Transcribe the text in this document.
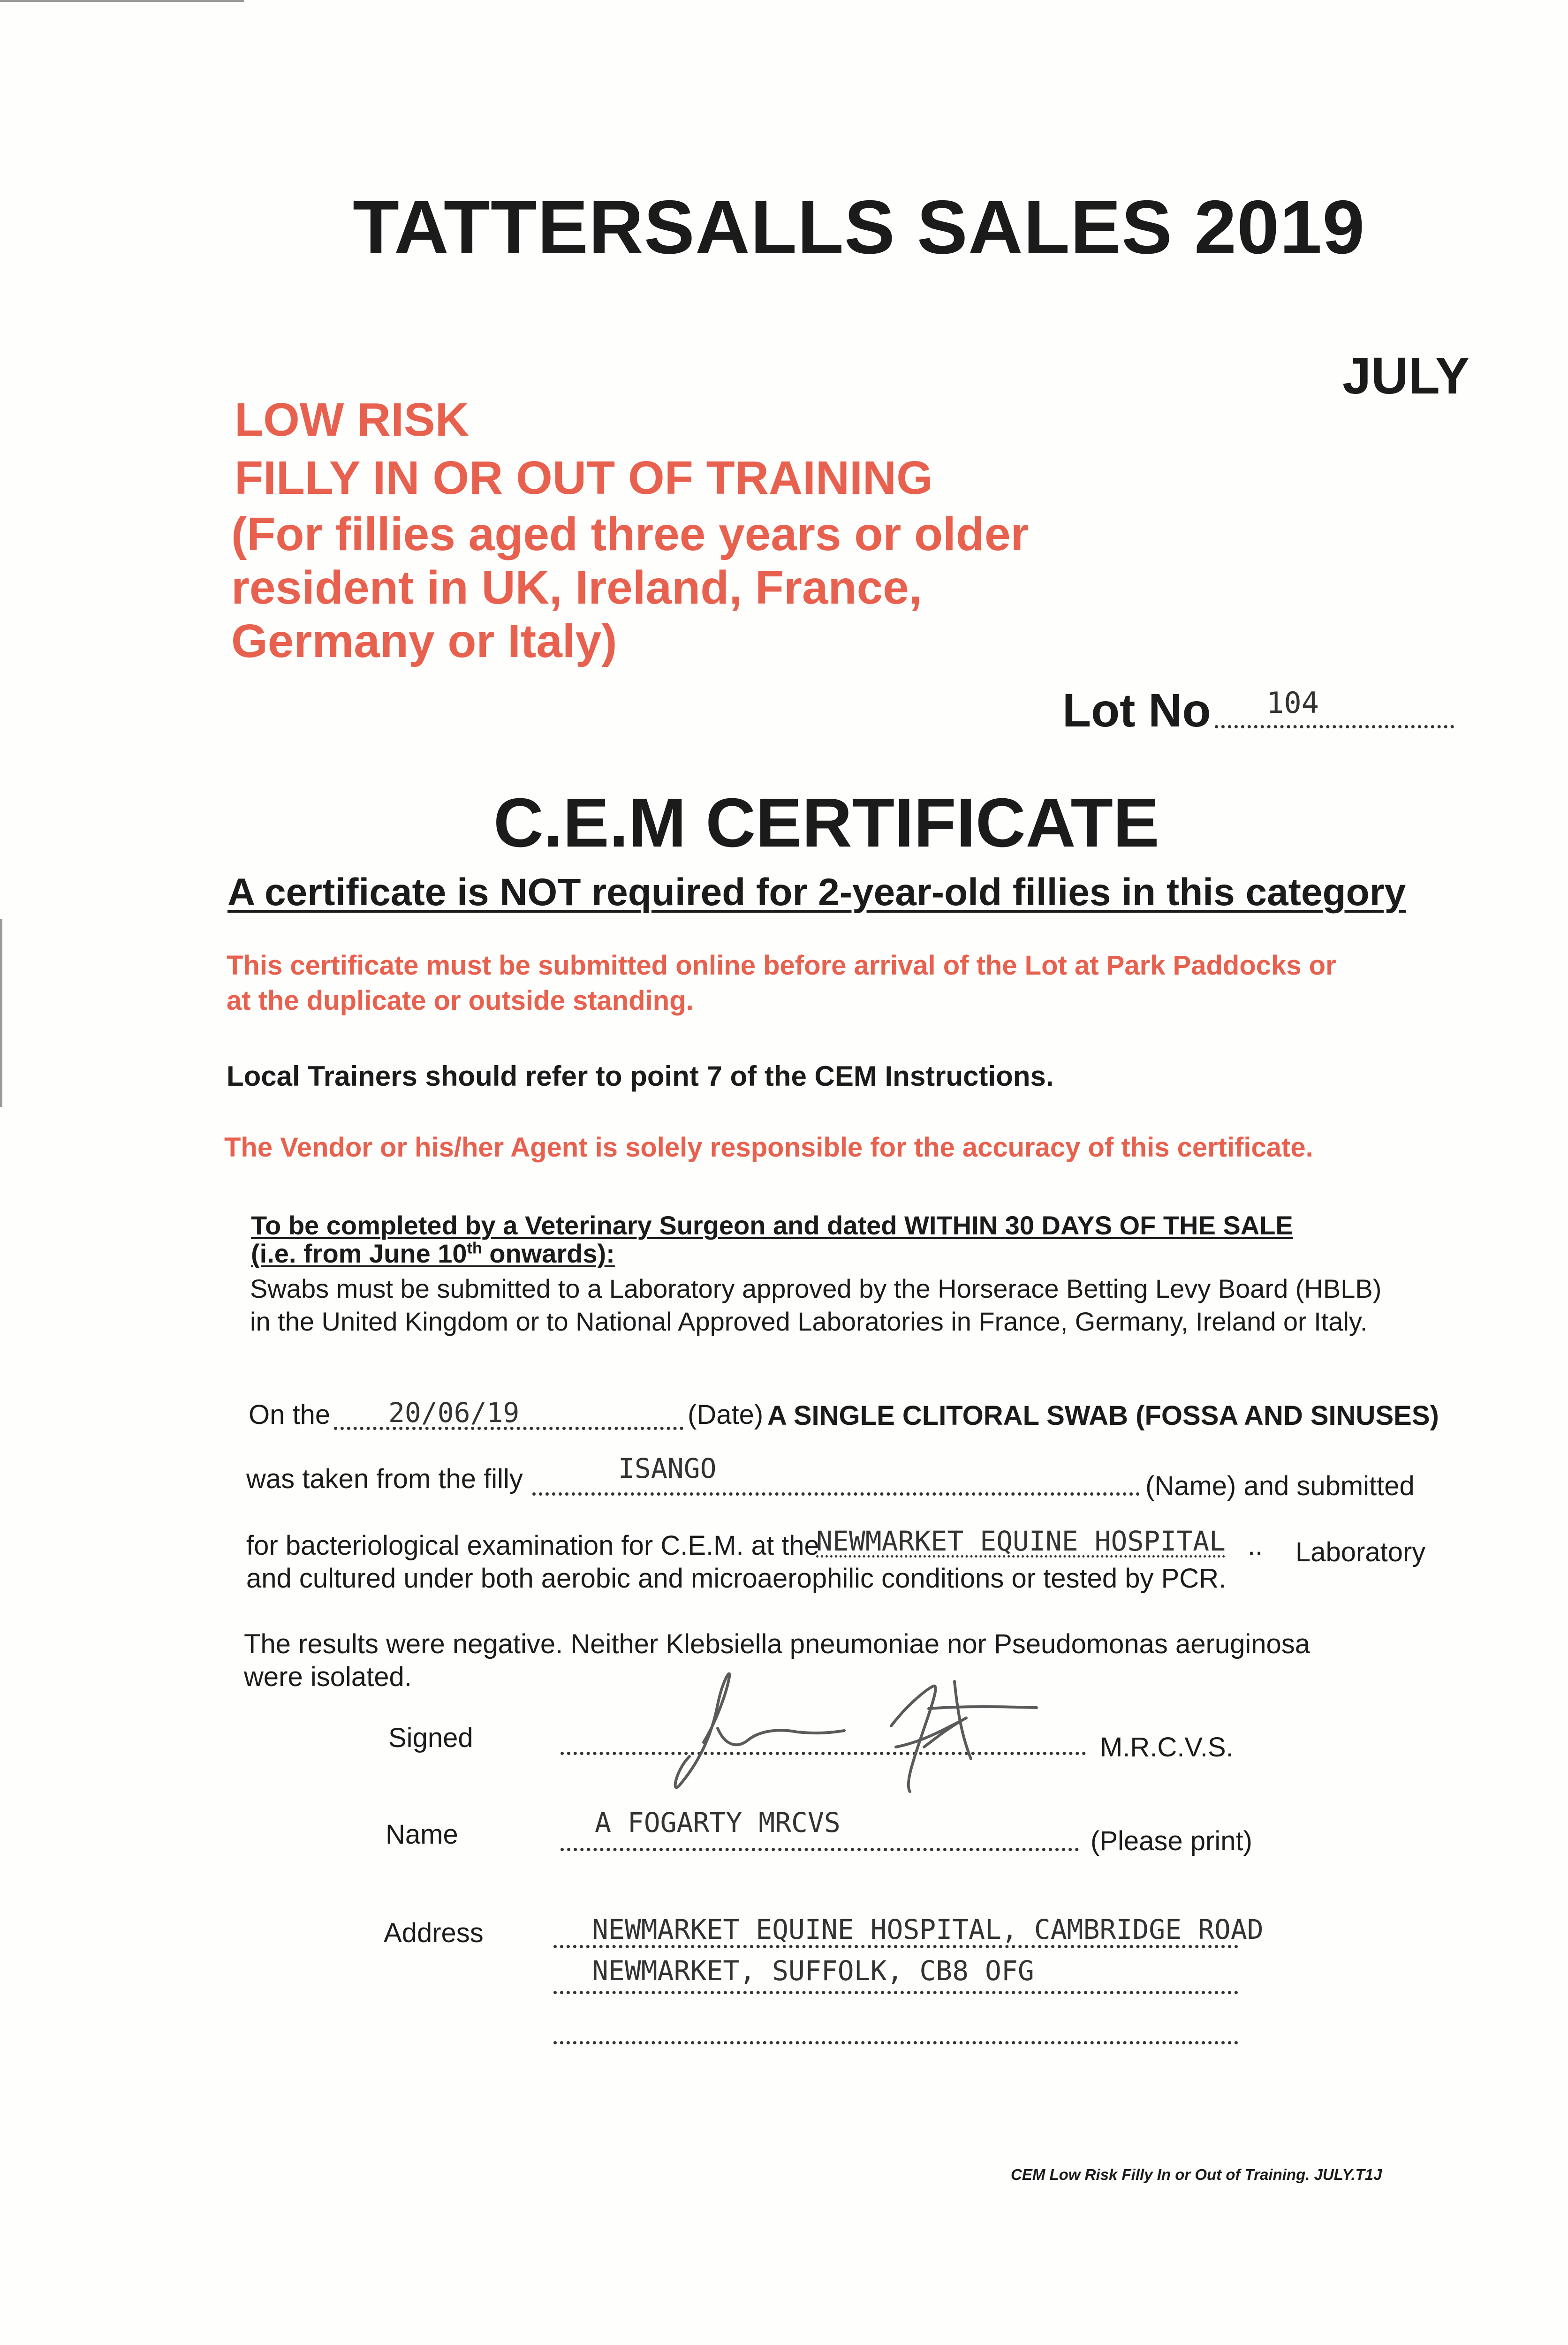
TATTERSALLS SALES 2019
JULY
LOW RISK
FILLY IN OR OUT OF TRAINING
(For fillies aged three years or older
resident in UK, Ireland, France,
Germany or Italy)
Lot No 104
C.E.M CERTIFICATE
A certificate is NOT required for 2-year-old fillies in this category
This certificate must be submitted online before arrival of the Lot at Park Paddocks or
at the duplicate or outside standing.
Local Trainers should refer to point 7 of the CEM Instructions.
The Vendor or his/her Agent is solely responsible for the accuracy of this certificate.
To be completed by a Veterinary Surgeon and dated WITHIN 30 DAYS OF THE SALE
(i.e. from June 10th onwards):
Swabs must be submitted to a Laboratory approved by the Horserace Betting Levy Board (HBLB)
in the United Kingdom or to National Approved Laboratories in France, Germany, Ireland or Italy.
On the 20/06/19	(Date) A SINGLE CLITORAL SWAB (FOSSA AND SINUSES)
was taken from the filly	ISANGO
(Name) and submitted
for bacteriological examination for C.E.M. at the
NEWMARKET EQUINE HOSPITAL .. Laboratory
and cultured under both aerobic and microaerophilic conditions or tested by PCR.
The results were negative. Neither Klebsiella pneumoniae nor Pseudomonas aeruginosa
were isolated.
Signed	M.R.C.V.S.
Name	A FOGARTY MRCVS
(Please print)
Address	NEWMARKET EQUINE HOSPITAL, CAMBRIDGE ROAD
NEWMARKET, SUFFOLK, CB8 OFG
CEM Low Risk Filly In or Out of Training. JULY.T1J
